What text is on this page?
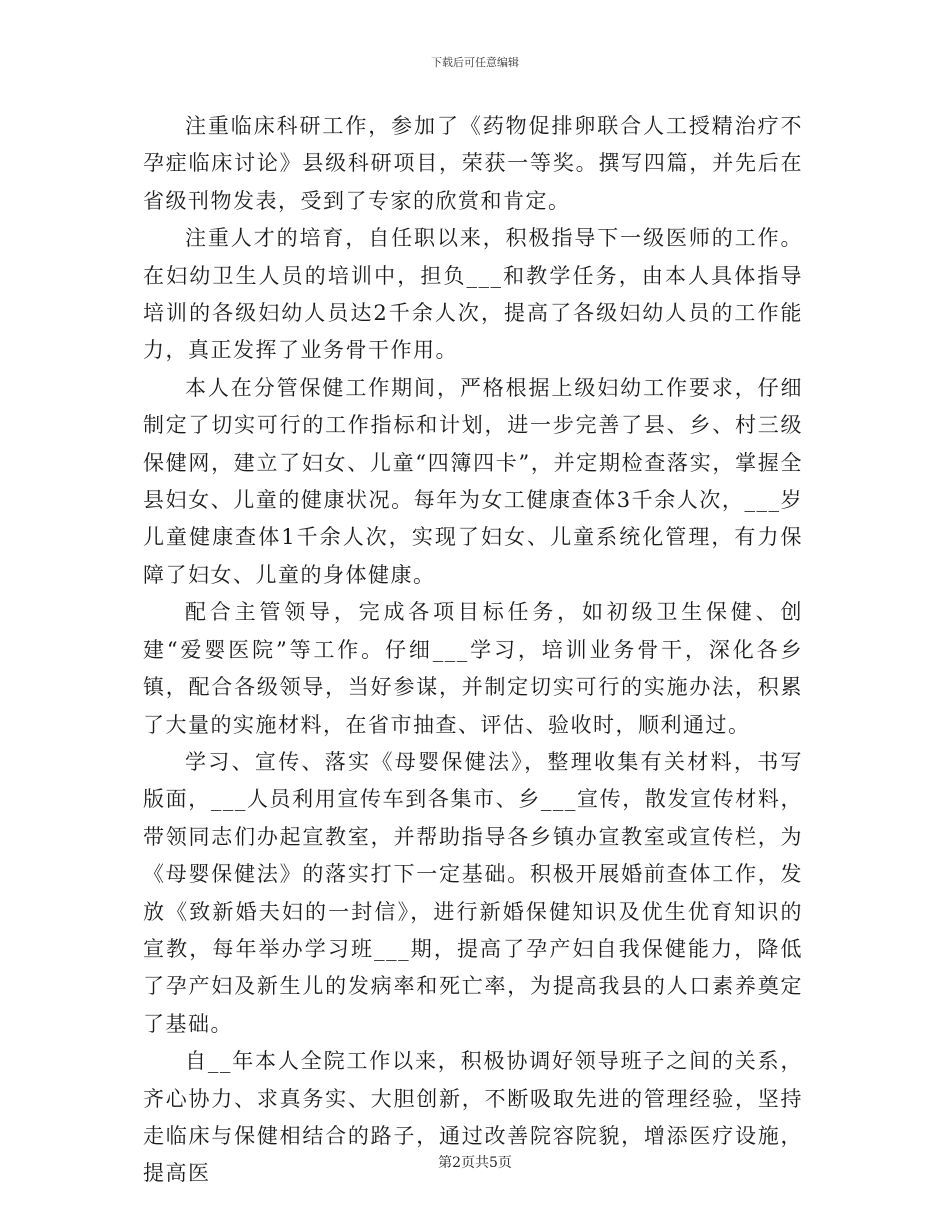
下载后可任意编辑

注重临床科研工作，参加了《药物促排卵联合人工授精治疗不孕症临床讨论》县级科研项目，荣获一等奖。撰写四篇，并先后在省级刊物发表，受到了专家的欣赏和肯定。

注重人才的培育，自任职以来，积极指导下一级医师的工作。在妇幼卫生人员的培训中，担负___和教学任务，由本人具体指导培训的各级妇幼人员达2千余人次，提高了各级妇幼人员的工作能力，真正发挥了业务骨干作用。

本人在分管保健工作期间，严格根据上级妇幼工作要求，仔细制定了切实可行的工作指标和计划，进一步完善了县、乡、村三级保健网，建立了妇女、儿童“四簿四卡”，并定期检查落实，掌握全县妇女、儿童的健康状况。每年为女工健康查体3千余人次，___岁儿童健康查体1千余人次，实现了妇女、儿童系统化管理，有力保障了妇女、儿童的身体健康。

配合主管领导，完成各项目标任务，如初级卫生保健、创建“爱婴医院”等工作。仔细___学习，培训业务骨干，深化各乡镇，配合各级领导，当好参谋，并制定切实可行的实施办法，积累了大量的实施材料，在省市抽查、评估、验收时，顺利通过。

学习、宣传、落实《母婴保健法》，整理收集有关材料，书写版面，___人员利用宣传车到各集市、乡___宣传，散发宣传材料，带领同志们办起宣教室，并帮助指导各乡镇办宣教室或宣传栏，为《母婴保健法》的落实打下一定基础。积极开展婚前查体工作，发放《致新婚夫妇的一封信》，进行新婚保健知识及优生优育知识的宣教，每年举办学习班___期，提高了孕产妇自我保健能力，降低了孕产妇及新生儿的发病率和死亡率，为提高我县的人口素养奠定了基础。

自__年本人全院工作以来，积极协调好领导班子之间的关系，齐心协力、求真务实、大胆创新，不断吸取先进的管理经验，坚持走临床与保健相结合的路子，通过改善院容院貌，增添医疗设施，提高医	第2页共5页
